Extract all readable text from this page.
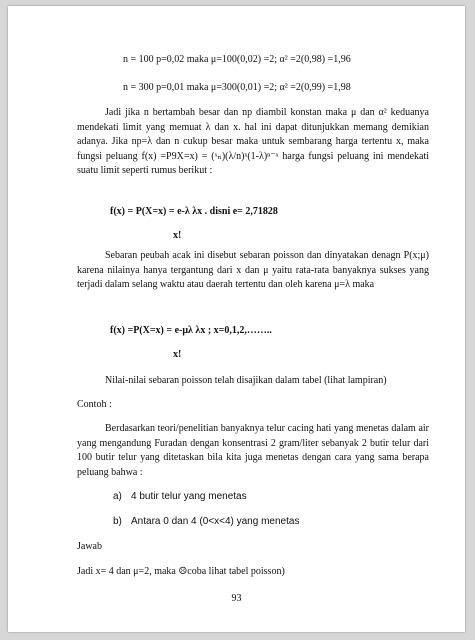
n = 100 p=0,02 maka μ=100(0,02) =2; α² =2(0,98) =1,96
n = 300 p=0,01 maka μ=300(0,01) =2; α² =2(0,99) =1,98

Jadi jika n bertambah besar dan np diambil konstan maka μ dan α² keduanya mendekati limit yang memuat λ dan x. hal ini dapat ditunjukkan memang demikian adanya. Jika np=λ dan n cukup besar maka untuk sembarang harga tertentu x, maka fungsi peluang f(x) =P9X=x) = (ˣₙ)(λ/n)ˣ(1-λ)ⁿ⁻ˣ harga fungsi peluang ini mendekati suatu limit seperti rumus berikut :

f(x) = P(X=x) = e-λ λx . disni e= 2,71828
x!

Sebaran peubah acak ini disebut sebaran poisson dan dinyatakan denagn P(x;μ) karena nilainya hanya tergantung dari x dan μ yaitu rata-rata banyaknya sukses yang terjadi dalam selang waktu atau daerah tertentu dan oleh karena μ=λ maka

f(x) =P(X=x) = e-μλ λx ; x=0,1,2,……..
x!
Nilai-nilai sebaran poisson telah disajikan dalam tabel (lihat lampiran)
Contoh :

Berdasarkan teori/penelitian banyaknya telur cacing hati yang menetas dalam air yang mengandung Furadan dengan konsentrasi 2 gram/liter sebanyak 2 butir telur dari 100 butir telur yang ditetaskan bila kita juga menetas dengan cara yang sama berapa peluang bahwa :

a) 4 butir telur yang menetas
b) Antara 0 dan 4 (0<x<4) yang menetas
Jawab
Jadi x= 4 dan μ=2, maka ☹coba lihat tabel poisson)
93
